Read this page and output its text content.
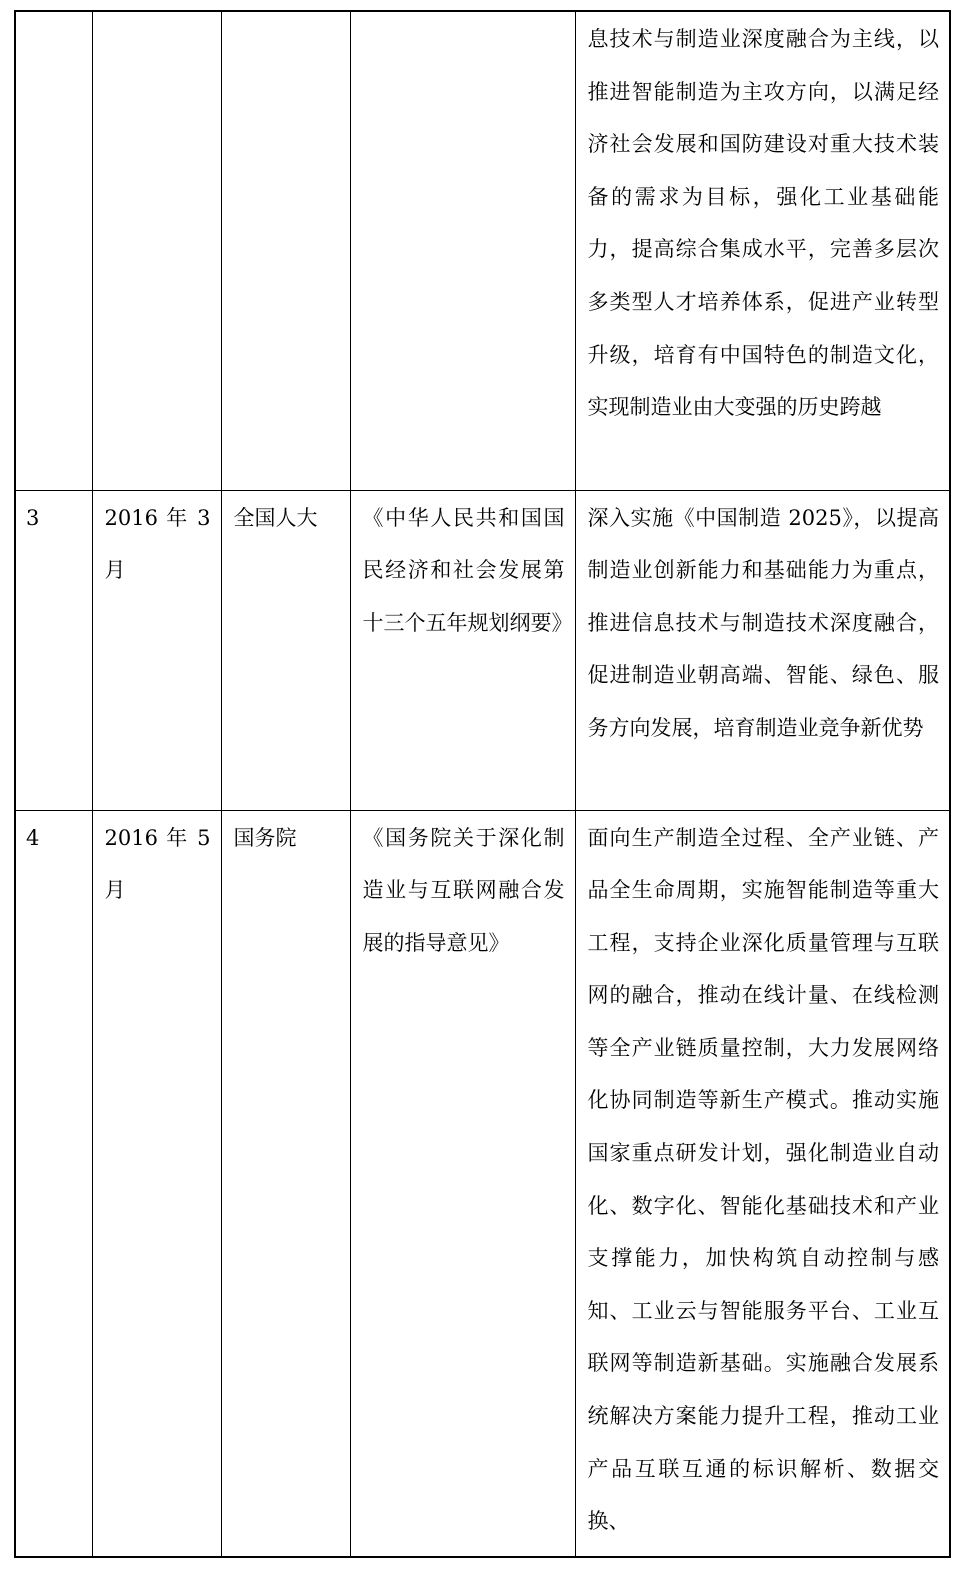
				息技术与制造业深度融合为主线，以推进智能制造为主攻方向，以满足经济社会发展和国防建设对重大技术装备的需求为目标，强化工业基础能力，提高综合集成水平，完善多层次多类型人才培养体系，促进产业转型升级，培育有中国特色的制造文化，实现制造业由大变强的历史跨越

3	2016 年 3 月	全国人大	《中华人民共和国国民经济和社会发展第十三个五年规划纲要》	深入实施《中国制造 2025》，以提高制造业创新能力和基础能力为重点，推进信息技术与制造技术深度融合，促进制造业朝高端、智能、绿色、服务方向发展，培育制造业竞争新优势

4	2016 年 5 月	国务院	《国务院关于深化制造业与互联网融合发展的指导意见》	面向生产制造全过程、全产业链、产品全生命周期，实施智能制造等重大工程，支持企业深化质量管理与互联网的融合，推动在线计量、在线检测等全产业链质量控制，大力发展网络化协同制造等新生产模式。推动实施国家重点研发计划，强化制造业自动化、数字化、智能化基础技术和产业支撑能力，加快构筑自动控制与感知、工业云与智能服务平台、工业互联网等制造新基础。实施融合发展系统解决方案能力提升工程，推动工业产品互联互通的标识解析、数据交换、
